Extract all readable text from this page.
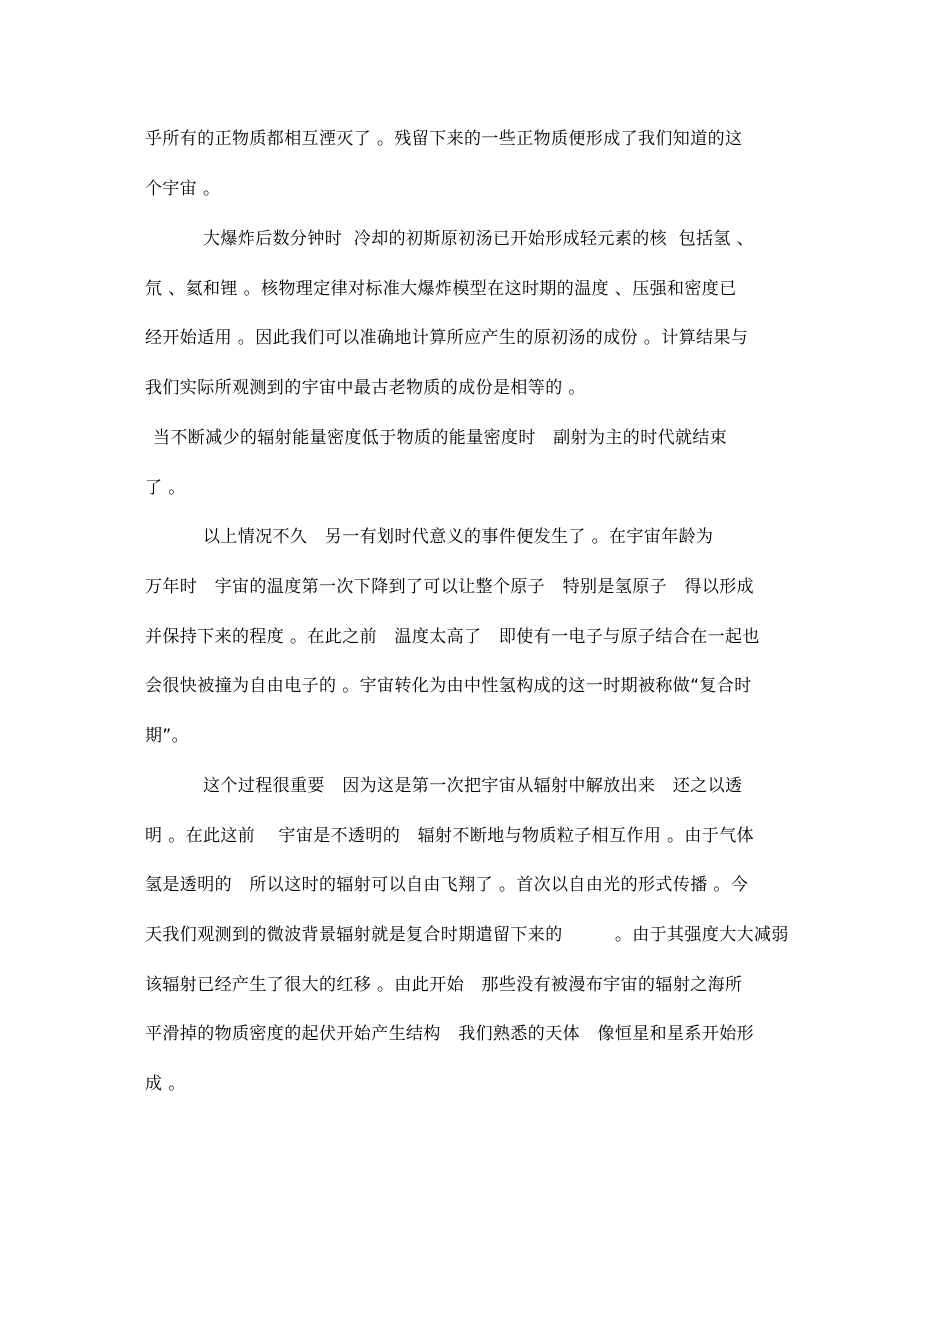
乎所有的正物质都相互湮灭了 。残留下来的一些正物质便形成了我们知道的这
个宇宙 。
大爆炸后数分钟时  冷却的初斯原初汤已开始形成轻元素的核  包括氢 、
氘 、氦和锂 。核物理定律对标准大爆炸模型在这时期的温度 、压强和密度已
经开始适用 。因此我们可以准确地计算所应产生的原初汤的成份 。计算结果与
我们实际所观测到的宇宙中最古老物质的成份是相等的 。
当不断减少的辐射能量密度低于物质的能量密度时   副射为主的时代就结束
了 。
以上情况不久   另一有划时代意义的事件便发生了 。在宇宙年龄为
万年时   宇宙的温度第一次下降到了可以让整个原子   特别是氢原子   得以形成
并保持下来的程度 。在此之前   温度太高了   即使有一电子与原子结合在一起也
会很快被撞为自由电子的 。宇宙转化为由中性氢构成的这一时期被称做“复合时
期”。
这个过程很重要   因为这是第一次把宇宙从辐射中解放出来   还之以透
明 。在此这前    宇宙是不透明的   辐射不断地与物质粒子相互作用 。由于气体
氢是透明的   所以这时的辐射可以自由飞翔了 。首次以自由光的形式传播 。今
天我们观测到的微波背景辐射就是复合时期遣留下来的         。由于其强度大大减弱
该辐射已经产生了很大的红移 。由此开始   那些没有被漫布宇宙的辐射之海所
平滑掉的物质密度的起伏开始产生结构   我们熟悉的天体   像恒星和星系开始形
成 。
